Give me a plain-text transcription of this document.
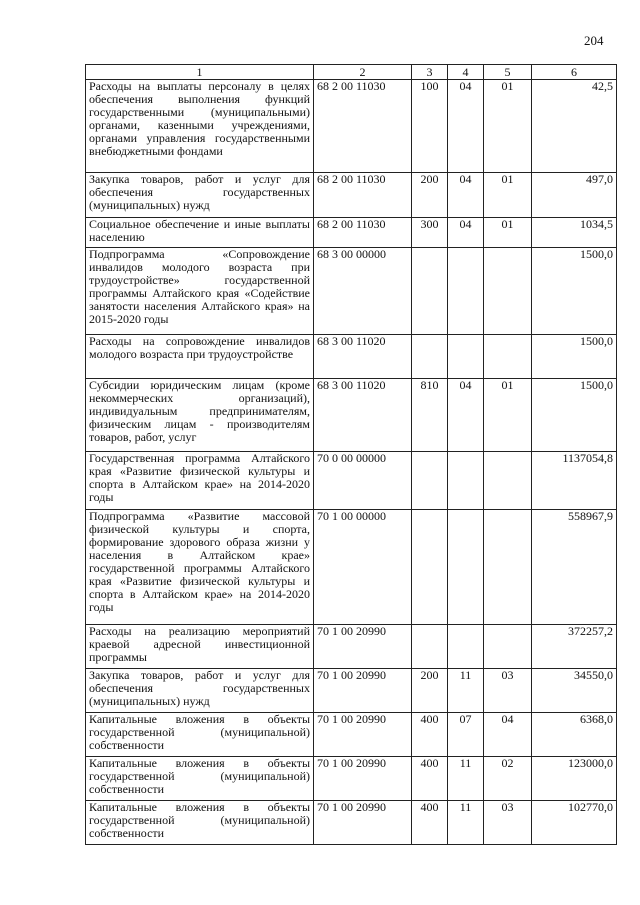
204
1	2	3	4	5	6
Расходы на выплаты персоналу в целях обеспечения выполнения функций государственными (муниципальными) органами, казенными учреждениями, органами управления государственными внебюджетными фондами	68 2 00 11030	100	04	01	42,5
Закупка товаров, работ и услуг для обеспечения государственных (муниципальных) нужд	68 2 00 11030	200	04	01	497,0
Социальное обеспечение и иные выплаты населению	68 2 00 11030	300	04	01	1034,5
Подпрограмма «Сопровождение инвалидов молодого возраста при трудоустройстве» государственной программы Алтайского края «Содействие занятости населения Алтайского края» на 2015-2020 годы	68 3 00 00000				1500,0
Расходы на сопровождение инвалидов молодого возраста при трудоустройстве	68 3 00 11020				1500,0
Субсидии юридическим лицам (кроме некоммерческих организаций), индивидуальным предпринимателям, физическим лицам - производителям товаров, работ, услуг	68 3 00 11020	810	04	01	1500,0
Государственная программа Алтайского края «Развитие физической культуры и спорта в Алтайском крае» на 2014-2020 годы	70 0 00 00000				1137054,8
Подпрограмма «Развитие массовой физической культуры и спорта, формирование здорового образа жизни у населения в Алтайском крае» государственной программы Алтайского края «Развитие физической культуры и спорта в Алтайском крае» на 2014-2020 годы	70 1 00 00000				558967,9
Расходы на реализацию мероприятий краевой адресной инвестиционной программы	70 1 00 20990				372257,2
Закупка товаров, работ и услуг для обеспечения государственных (муниципальных) нужд	70 1 00 20990	200	11	03	34550,0
Капитальные вложения в объекты государственной (муниципальной) собственности	70 1 00 20990	400	07	04	6368,0
Капитальные вложения в объекты государственной (муниципальной) собственности	70 1 00 20990	400	11	02	123000,0
Капитальные вложения в объекты государственной (муниципальной) собственности	70 1 00 20990	400	11	03	102770,0
